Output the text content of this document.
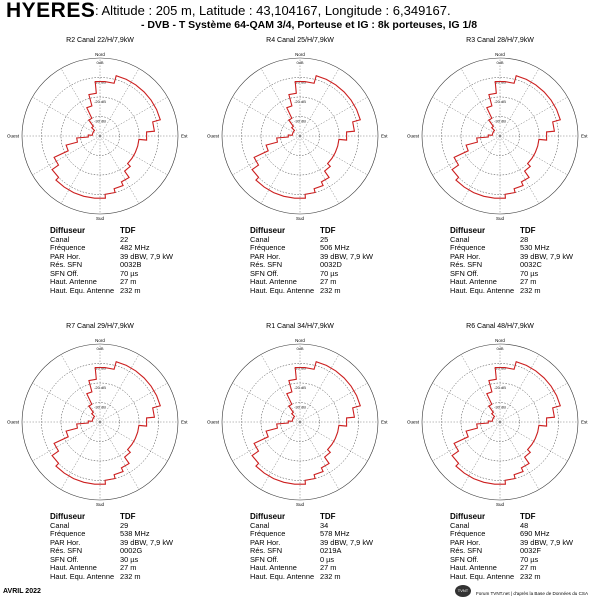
HYERES : Altitude : 205 m, Latitude : 43,104167, Longitude : 6,349167.
- DVB - T Système 64-QAM 3/4, Porteuse et IG : 8k porteuses, IG 1/8
R2 Canal 22/H/7,9kW
0dB
-10 dB
-20 dB
-30 dB
Nord
Sud
Est
Ouest
Diffuseur	TDF
Canal	22
Fréquence	482 MHz
PAR Hor.	39 dBW, 7,9 kW
Rés. SFN	0032B
SFN Off.	70 µs
Haut. Antenne	27 m
Haut. Equ. Antenne 232 m
R4 Canal 25/H/7,9kW
0dB
-10 dB
-20 dB
-30 dB
Nord
Sud
Est
Ouest
Diffuseur	TDF
Canal	25
Fréquence	506 MHz
PAR Hor.	39 dBW, 7,9 kW
Rés. SFN	0032D
SFN Off.	70 µs
Haut. Antenne	27 m
Haut. Equ. Antenne 232 m
R3 Canal 28/H/7,9kW
0dB
-10 dB
-20 dB
-30 dB
Nord
Sud
Est
Ouest
Diffuseur	TDF
Canal	28
Fréquence	530 MHz
PAR Hor.	39 dBW, 7,9 kW
Rés. SFN	0032C
SFN Off.	70 µs
Haut. Antenne	27 m
Haut. Equ. Antenne 232 m
R7 Canal 29/H/7,9kW
0dB
-10 dB
-20 dB
-30 dB
Nord
Sud
Est
Ouest
Diffuseur	TDF
Canal	29
Fréquence	538 MHz
PAR Hor.	39 dBW, 7,9 kW
Rés. SFN	0002G
SFN Off.	30 µs
Haut. Antenne	27 m
Haut. Equ. Antenne 232 m
R1 Canal 34/H/7,9kW
0dB
-10 dB
-20 dB
-30 dB
Nord
Sud
Est
Ouest
Diffuseur	TDF
Canal	34
Fréquence	578 MHz
PAR Hor.	39 dBW, 7,9 kW
Rés. SFN	0219A
SFN Off.	0 µs
Haut. Antenne	27 m
Haut. Equ. Antenne 232 m
R6 Canal 48/H/7,9kW
0dB
-10 dB
-20 dB
-30 dB
Nord
Sud
Est
Ouest
Diffuseur	TDF
Canal	48
Fréquence	690 MHz
PAR Hor.	39 dBW, 7,9 kW
Rés. SFN	0032F
SFN Off.	70 µs
Haut. Antenne	27 m
Haut. Equ. Antenne 232 m
AVRIL 2022	TVNT
Forum TVNT.net | d'après la Base de Données du CSA
